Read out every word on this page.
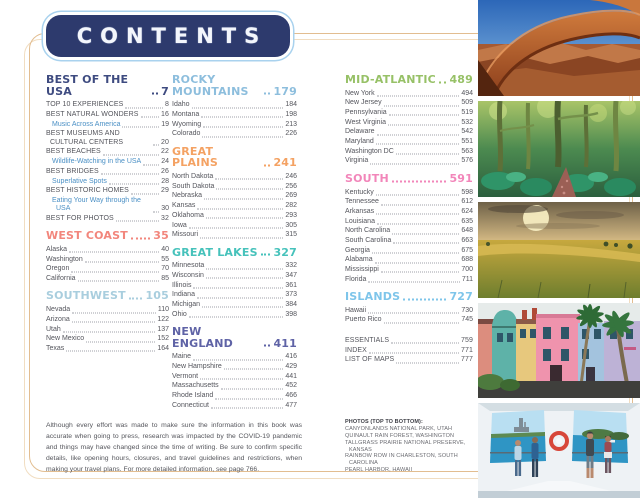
CONTENTS
BEST OF THE USA	7
TOP 10 EXPERIENCES	8
BEST NATURAL WONDERS	16
Music Across America	19
BEST MUSEUMS AND CULTURAL CENTERS	20
BEST BEACHES	22
Wildlife-Watching in the USA	24
BEST BRIDGES	26
Superlative Spots	28
BEST HISTORIC HOMES	29
Eating Your Way through the USA	30
BEST FOR PHOTOS	32
WEST COAST 35
Alaska	40
Washington	55
Oregon	70
California	85
SOUTHWEST 105
Nevada	110
Arizona	122
Utah	137
New Mexico	152
Texas	164
ROCKY MOUNTAINS	179
Idaho	184
Montana	198
Wyoming	213
Colorado	226
GREAT PLAINS	241
North Dakota	246
South Dakota	256
Nebraska	269
Kansas	282
Oklahoma	293
Iowa	305
Missouri	315
GREAT LAKES 327
Minnesota	332
Wisconsin	347
Illinois	361
Indiana	373
Michigan	384
Ohio	398
NEW ENGLAND	411
Maine	416
New Hampshire	429
Vermont	441
Massachusetts	452
Rhode Island	466
Connecticut	477
MID-ATLANTIC 489
New York	494
New Jersey	509
Pennsylvania	519
West Virginia	532
Delaware	542
Maryland	551
Washington DC	563
Virginia	576
SOUTH	591
Kentucky	598
Tennessee	612
Arkansas	624
Louisiana	635
North Carolina	648
South Carolina	663
Georgia	675
Alabama	688
Mississippi	700
Florida	711
ISLANDS	727
Hawaii	730
Puerto Rico	745
ESSENTIALS	759
INDEX	771
LIST OF MAPS	777

Although every effort was made to make sure the information in this book was accurate when going to press, research was impacted by the COVID-19 pandemic and things may have changed since the time of writing. Be sure to confirm specific details, like opening hours, closures, and travel guidelines and restrictions, when making your travel plans. For more detailed information, see page 766.

PHOTOS (TOP TO BOTTOM):
CANYONLANDS NATIONAL PARK, UTAH
QUINAULT RAIN FOREST, WASHINGTON
TALLGRASS PRAIRIE NATIONAL PRESERVE, KANSAS
RAINBOW ROW IN CHARLESTON, SOUTH CAROLINA
PEARL HARBOR, HAWAII
